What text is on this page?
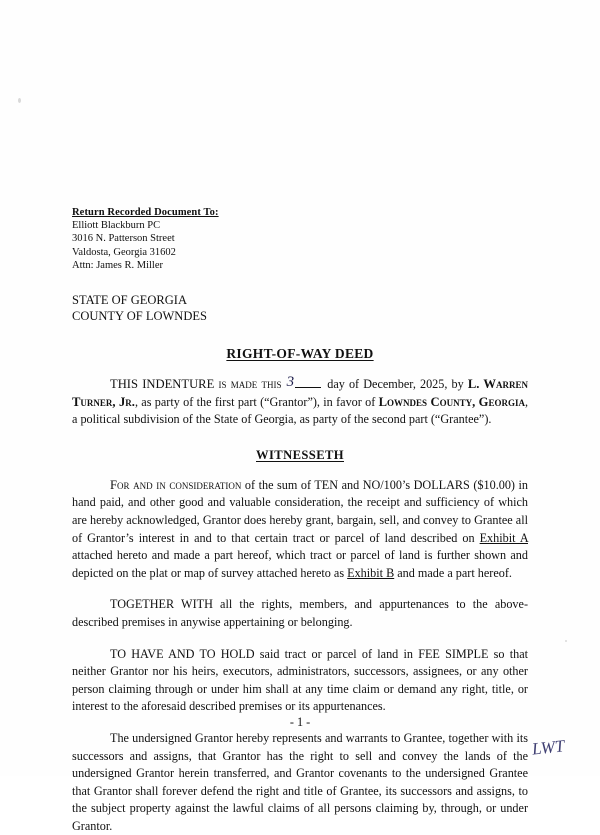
Return Recorded Document To:
Elliott Blackburn PC
3016 N. Patterson Street
Valdosta, Georgia 31602
Attn: James R. Miller
STATE OF GEORGIA
COUNTY OF LOWNDES
RIGHT-OF-WAY DEED

THIS INDENTURE is made this 3	day of December, 2025, by L. Warren Turner, Jr., as party of the first part (“Grantor”), in favor of Lowndes County, Georgia, a political subdivision of the State of Georgia, as party of the second part (“Grantee”).

WITNESSETH

For and in consideration of the sum of TEN and NO/100’s DOLLARS ($10.00) in hand paid, and other good and valuable consideration, the receipt and sufficiency of which are hereby acknowledged, Grantor does hereby grant, bargain, sell, and convey to Grantee all of Grantor’s interest in and to that certain tract or parcel of land described on Exhibit A attached hereto and made a part hereof, which tract or parcel of land is further shown and depicted on the plat or map of survey attached hereto as Exhibit B and made a part hereof.

TOGETHER WITH all the rights, members, and appurtenances to the above-described premises in anywise appertaining or belonging.

TO HAVE AND TO HOLD said tract or parcel of land in FEE SIMPLE so that neither Grantor nor his heirs, executors, administrators, successors, assignees, or any other person claiming through or under him shall at any time claim or demand any right, title, or interest to the aforesaid described premises or its appurtenances.

The undersigned Grantor hereby represents and warrants to Grantee, together with its successors and assigns, that Grantor has the right to sell and convey the lands of the undersigned Grantor herein transferred, and Grantor covenants to the undersigned Grantee that Grantor shall forever defend the right and title of Grantee, its successors and assigns, to the subject property against the lawful claims of all persons claiming by, through, or under Grantor.

- 1 -
LWT
